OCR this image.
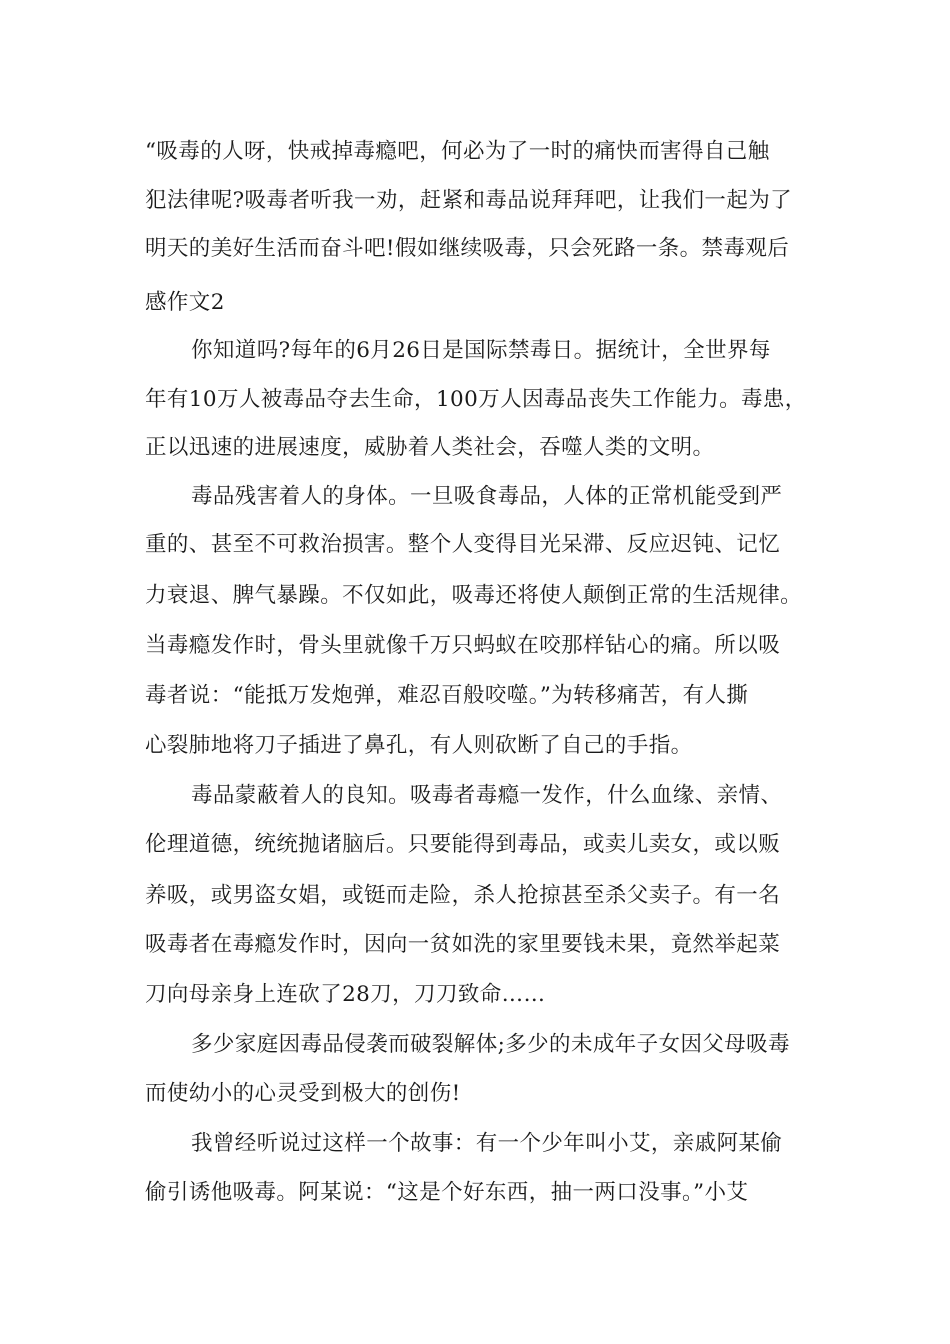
“吸毒的人呀，快戒掉毒瘾吧，何必为了一时的痛快而害得自己触
犯法律呢?吸毒者听我一劝，赶紧和毒品说拜拜吧，让我们一起为了
明天的美好生活而奋斗吧!假如继续吸毒，只会死路一条。禁毒观后
感作文2
你知道吗?每年的6月26日是国际禁毒日。据统计，全世界每
年有10万人被毒品夺去生命，100万人因毒品丧失工作能力。毒患，
正以迅速的进展速度，威胁着人类社会，吞噬人类的文明。
毒品残害着人的身体。一旦吸食毒品，人体的正常机能受到严
重的、甚至不可救治损害。整个人变得目光呆滞、反应迟钝、记忆
力衰退、脾气暴躁。不仅如此，吸毒还将使人颠倒正常的生活规律。
当毒瘾发作时，骨头里就像千万只蚂蚁在咬那样钻心的痛。所以吸
毒者说：“能抵万发炮弹，难忍百般咬噬。”为转移痛苦，有人撕
心裂肺地将刀子插进了鼻孔，有人则砍断了自己的手指。
毒品蒙蔽着人的良知。吸毒者毒瘾一发作，什么血缘、亲情、
伦理道德，统统抛诸脑后。只要能得到毒品，或卖儿卖女，或以贩
养吸，或男盗女娼，或铤而走险，杀人抢掠甚至杀父卖子。有一名
吸毒者在毒瘾发作时，因向一贫如洗的家里要钱未果，竟然举起菜
刀向母亲身上连砍了28刀，刀刀致命……
多少家庭因毒品侵袭而破裂解体;多少的未成年子女因父母吸毒
而使幼小的心灵受到极大的创伤!
我曾经听说过这样一个故事：有一个少年叫小艾，亲戚阿某偷
偷引诱他吸毒。阿某说：“这是个好东西，抽一两口没事。”小艾
